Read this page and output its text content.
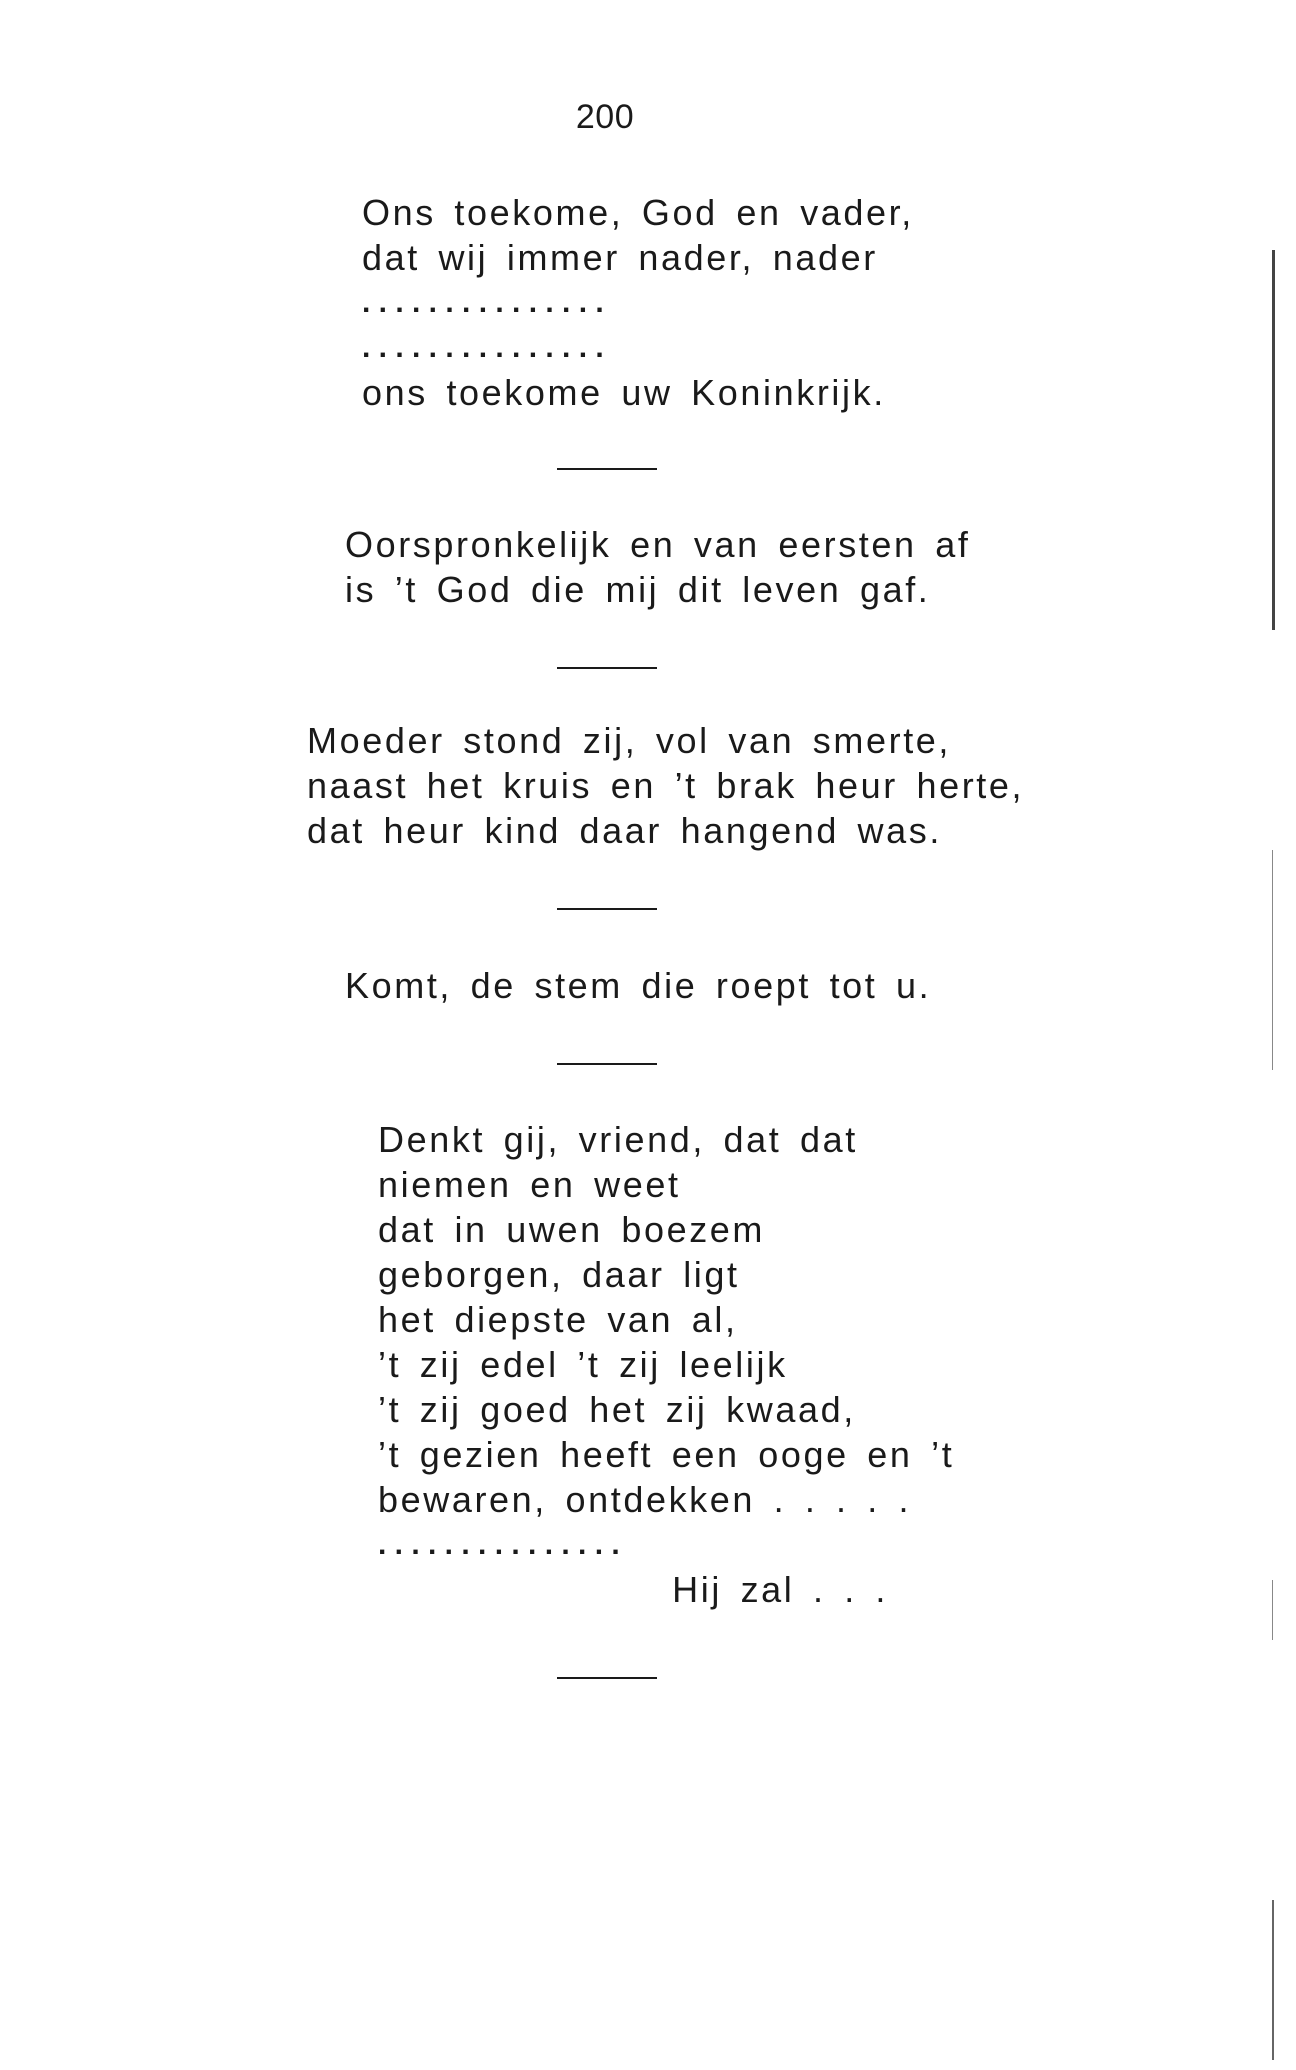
200
Ons toekome, God en vader,
dat wij immer nader, nader
. . . . . . . . . . . . . . .
. . . . . . . . . . . . . . .
ons toekome uw Koninkrijk.
Oorspronkelijk en van eersten af
is ’t God die mij dit leven gaf.
Moeder stond zij, vol van smerte,
naast het kruis en ’t brak heur herte,
dat heur kind daar hangend was.
Komt, de stem die roept tot u.
Denkt gij, vriend, dat dat
niemen en weet
dat in uwen boezem
geborgen, daar ligt
het diepste van al,
’t zij edel ’t zij leelijk
’t zij goed het zij kwaad,
’t gezien heeft een ooge en ’t
bewaren, ontdekken . . . . .
. . . . . . . . . . . . . . .
Hij zal . . .
